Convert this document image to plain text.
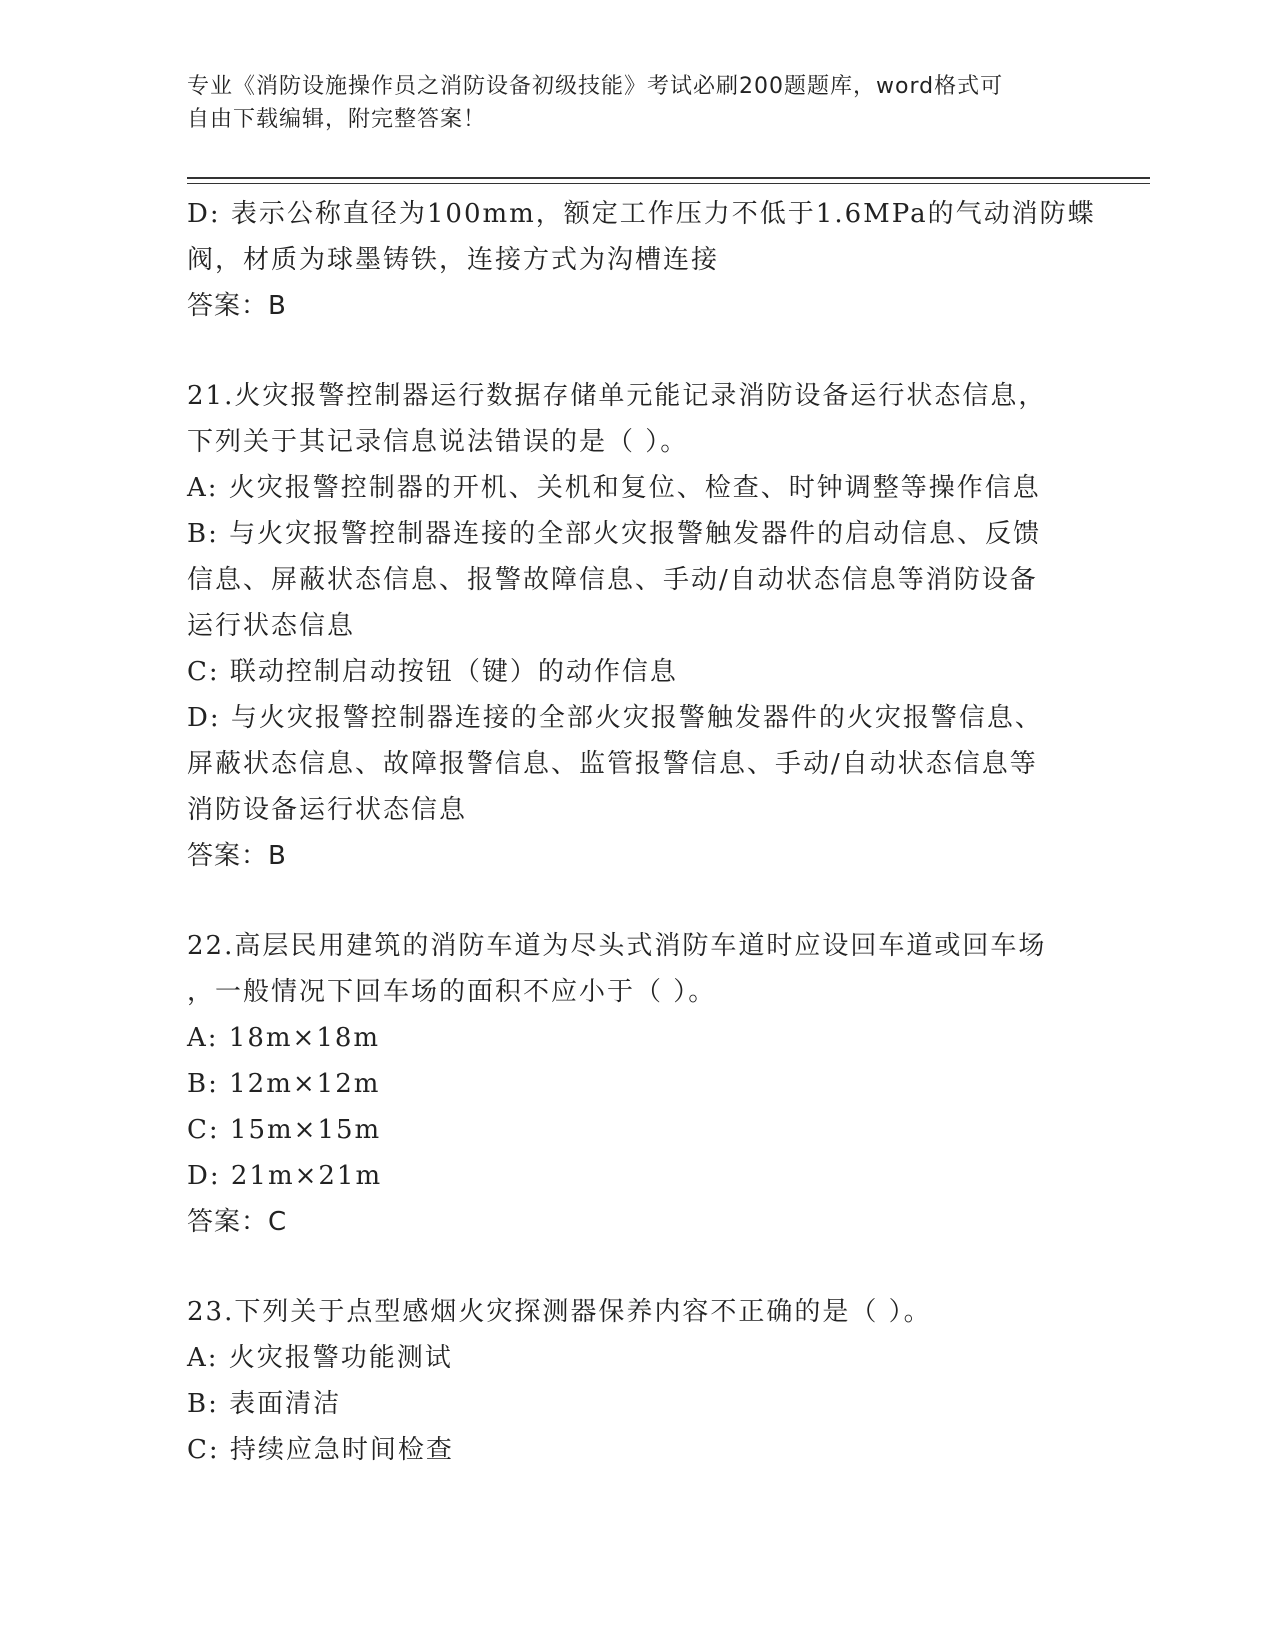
专业《消防设施操作员之消防设备初级技能》考试必刷200题题库，word格式可
自由下载编辑，附完整答案！
D: 表示公称直径为100mm，额定工作压力不低于1.6MPa的气动消防蝶
阀，材质为球墨铸铁，连接方式为沟槽连接
答案：B
21.火灾报警控制器运行数据存储单元能记录消防设备运行状态信息，
下列关于其记录信息说法错误的是（ ）。
A: 火灾报警控制器的开机、关机和复位、检查、时钟调整等操作信息
B: 与火灾报警控制器连接的全部火灾报警触发器件的启动信息、反馈
信息、屏蔽状态信息、报警故障信息、手动/自动状态信息等消防设备
运行状态信息
C: 联动控制启动按钮（键）的动作信息
D: 与火灾报警控制器连接的全部火灾报警触发器件的火灾报警信息、
屏蔽状态信息、故障报警信息、监管报警信息、手动/自动状态信息等
消防设备运行状态信息
答案：B
22.高层民用建筑的消防车道为尽头式消防车道时应设回车道或回车场
，一般情况下回车场的面积不应小于（ ）。
A: 18m×18m
B: 12m×12m
C: 15m×15m
D: 21m×21m
答案：C
23.下列关于点型感烟火灾探测器保养内容不正确的是（ ）。
A: 火灾报警功能测试
B: 表面清洁
C: 持续应急时间检查
